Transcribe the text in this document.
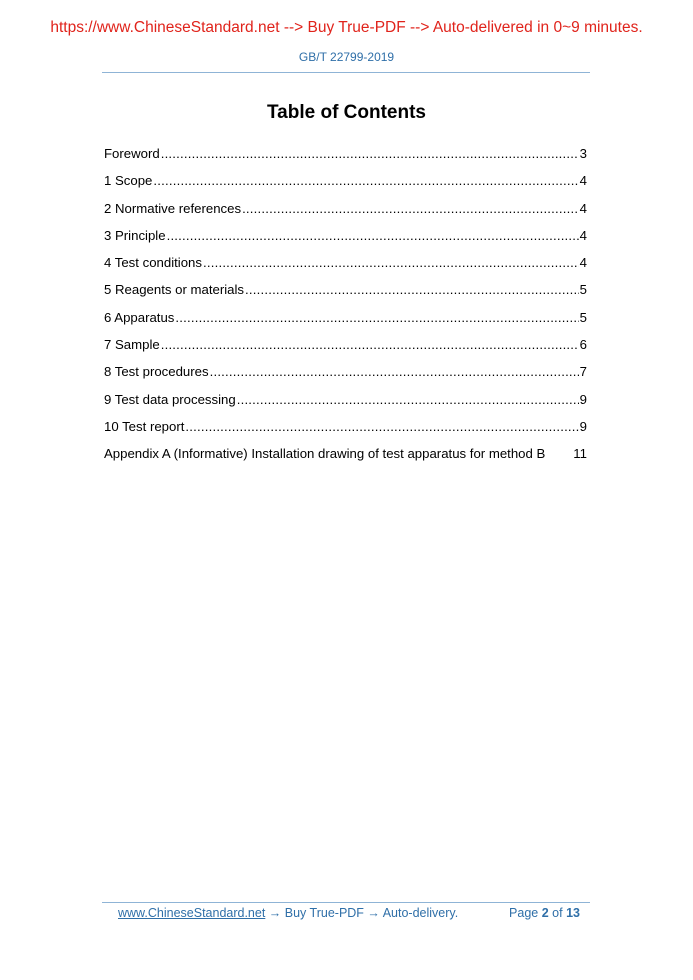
https://www.ChineseStandard.net --> Buy True-PDF --> Auto-delivered in 0~9 minutes.
GB/T 22799-2019
Table of Contents
Foreword .....	3
1 Scope .....	4
2 Normative references .....	4
3 Principle .....	4
4 Test conditions .....	4
5 Reagents or materials .....	5
6 Apparatus .....	5
7 Sample .....	6
8 Test procedures .....	7
9 Test data processing .....	9
10 Test report .....	9
Appendix A (Informative) Installation drawing of test apparatus for method B	11
www.ChineseStandard.net → Buy True-PDF → Auto-delivery.	Page 2 of 13
